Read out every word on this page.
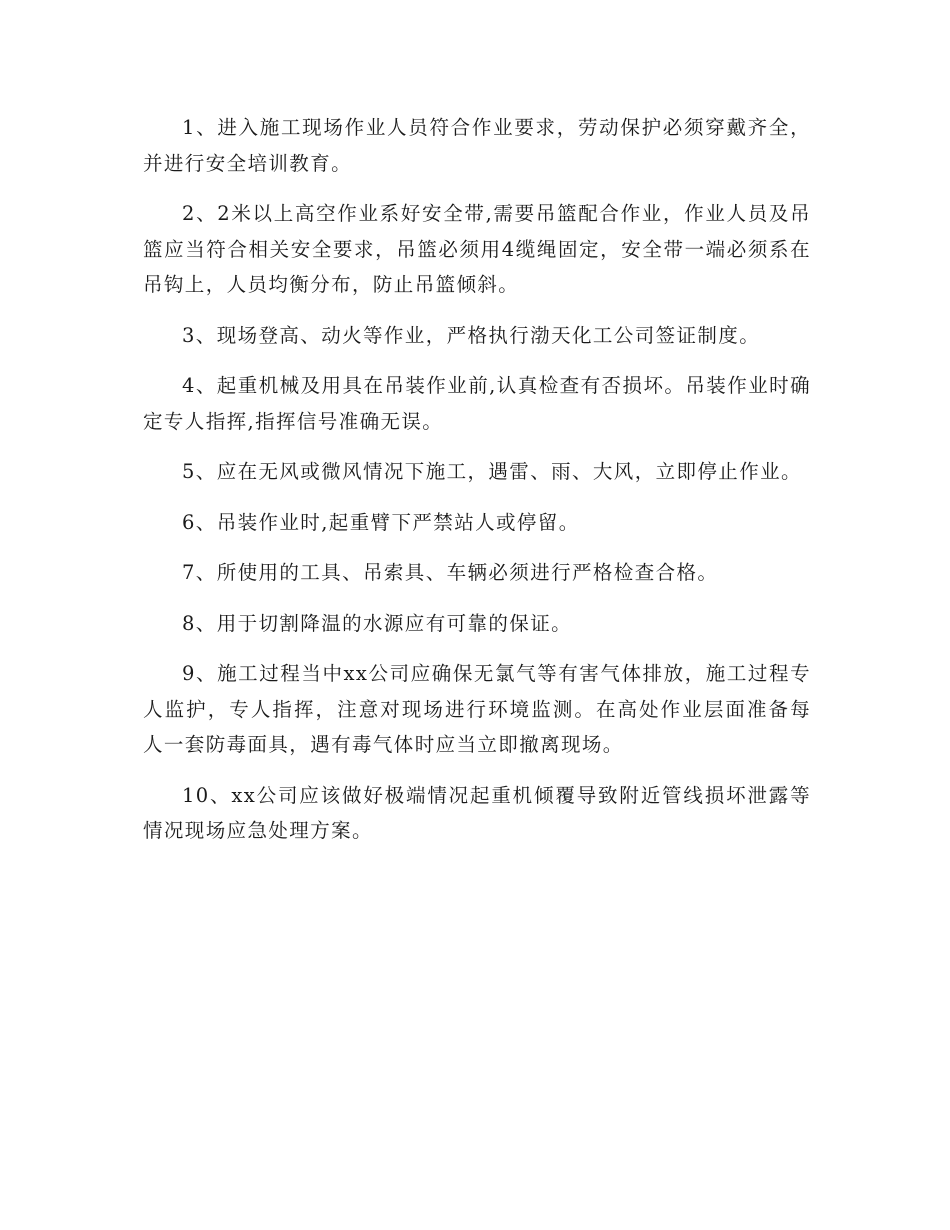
1、进入施工现场作业人员符合作业要求，劳动保护必须穿戴齐全，并进行安全培训教育。

2、2米以上高空作业系好安全带,需要吊篮配合作业，作业人员及吊篮应当符合相关安全要求，吊篮必须用4缆绳固定，安全带一端必须系在吊钩上，人员均衡分布，防止吊篮倾斜。

3、现场登高、动火等作业，严格执行渤天化工公司签证制度。

4、起重机械及用具在吊装作业前,认真检查有否损坏。吊装作业时确定专人指挥,指挥信号准确无误。

5、应在无风或微风情况下施工，遇雷、雨、大风，立即停止作业。

6、吊装作业时,起重臂下严禁站人或停留。

7、所使用的工具、吊索具、车辆必须进行严格检查合格。

8、用于切割降温的水源应有可靠的保证。

9、施工过程当中xx公司应确保无氯气等有害气体排放，施工过程专人监护，专人指挥，注意对现场进行环境监测。在高处作业层面准备每人一套防毒面具，遇有毒气体时应当立即撤离现场。

10、xx公司应该做好极端情况起重机倾覆导致附近管线损坏泄露等情况现场应急处理方案。
